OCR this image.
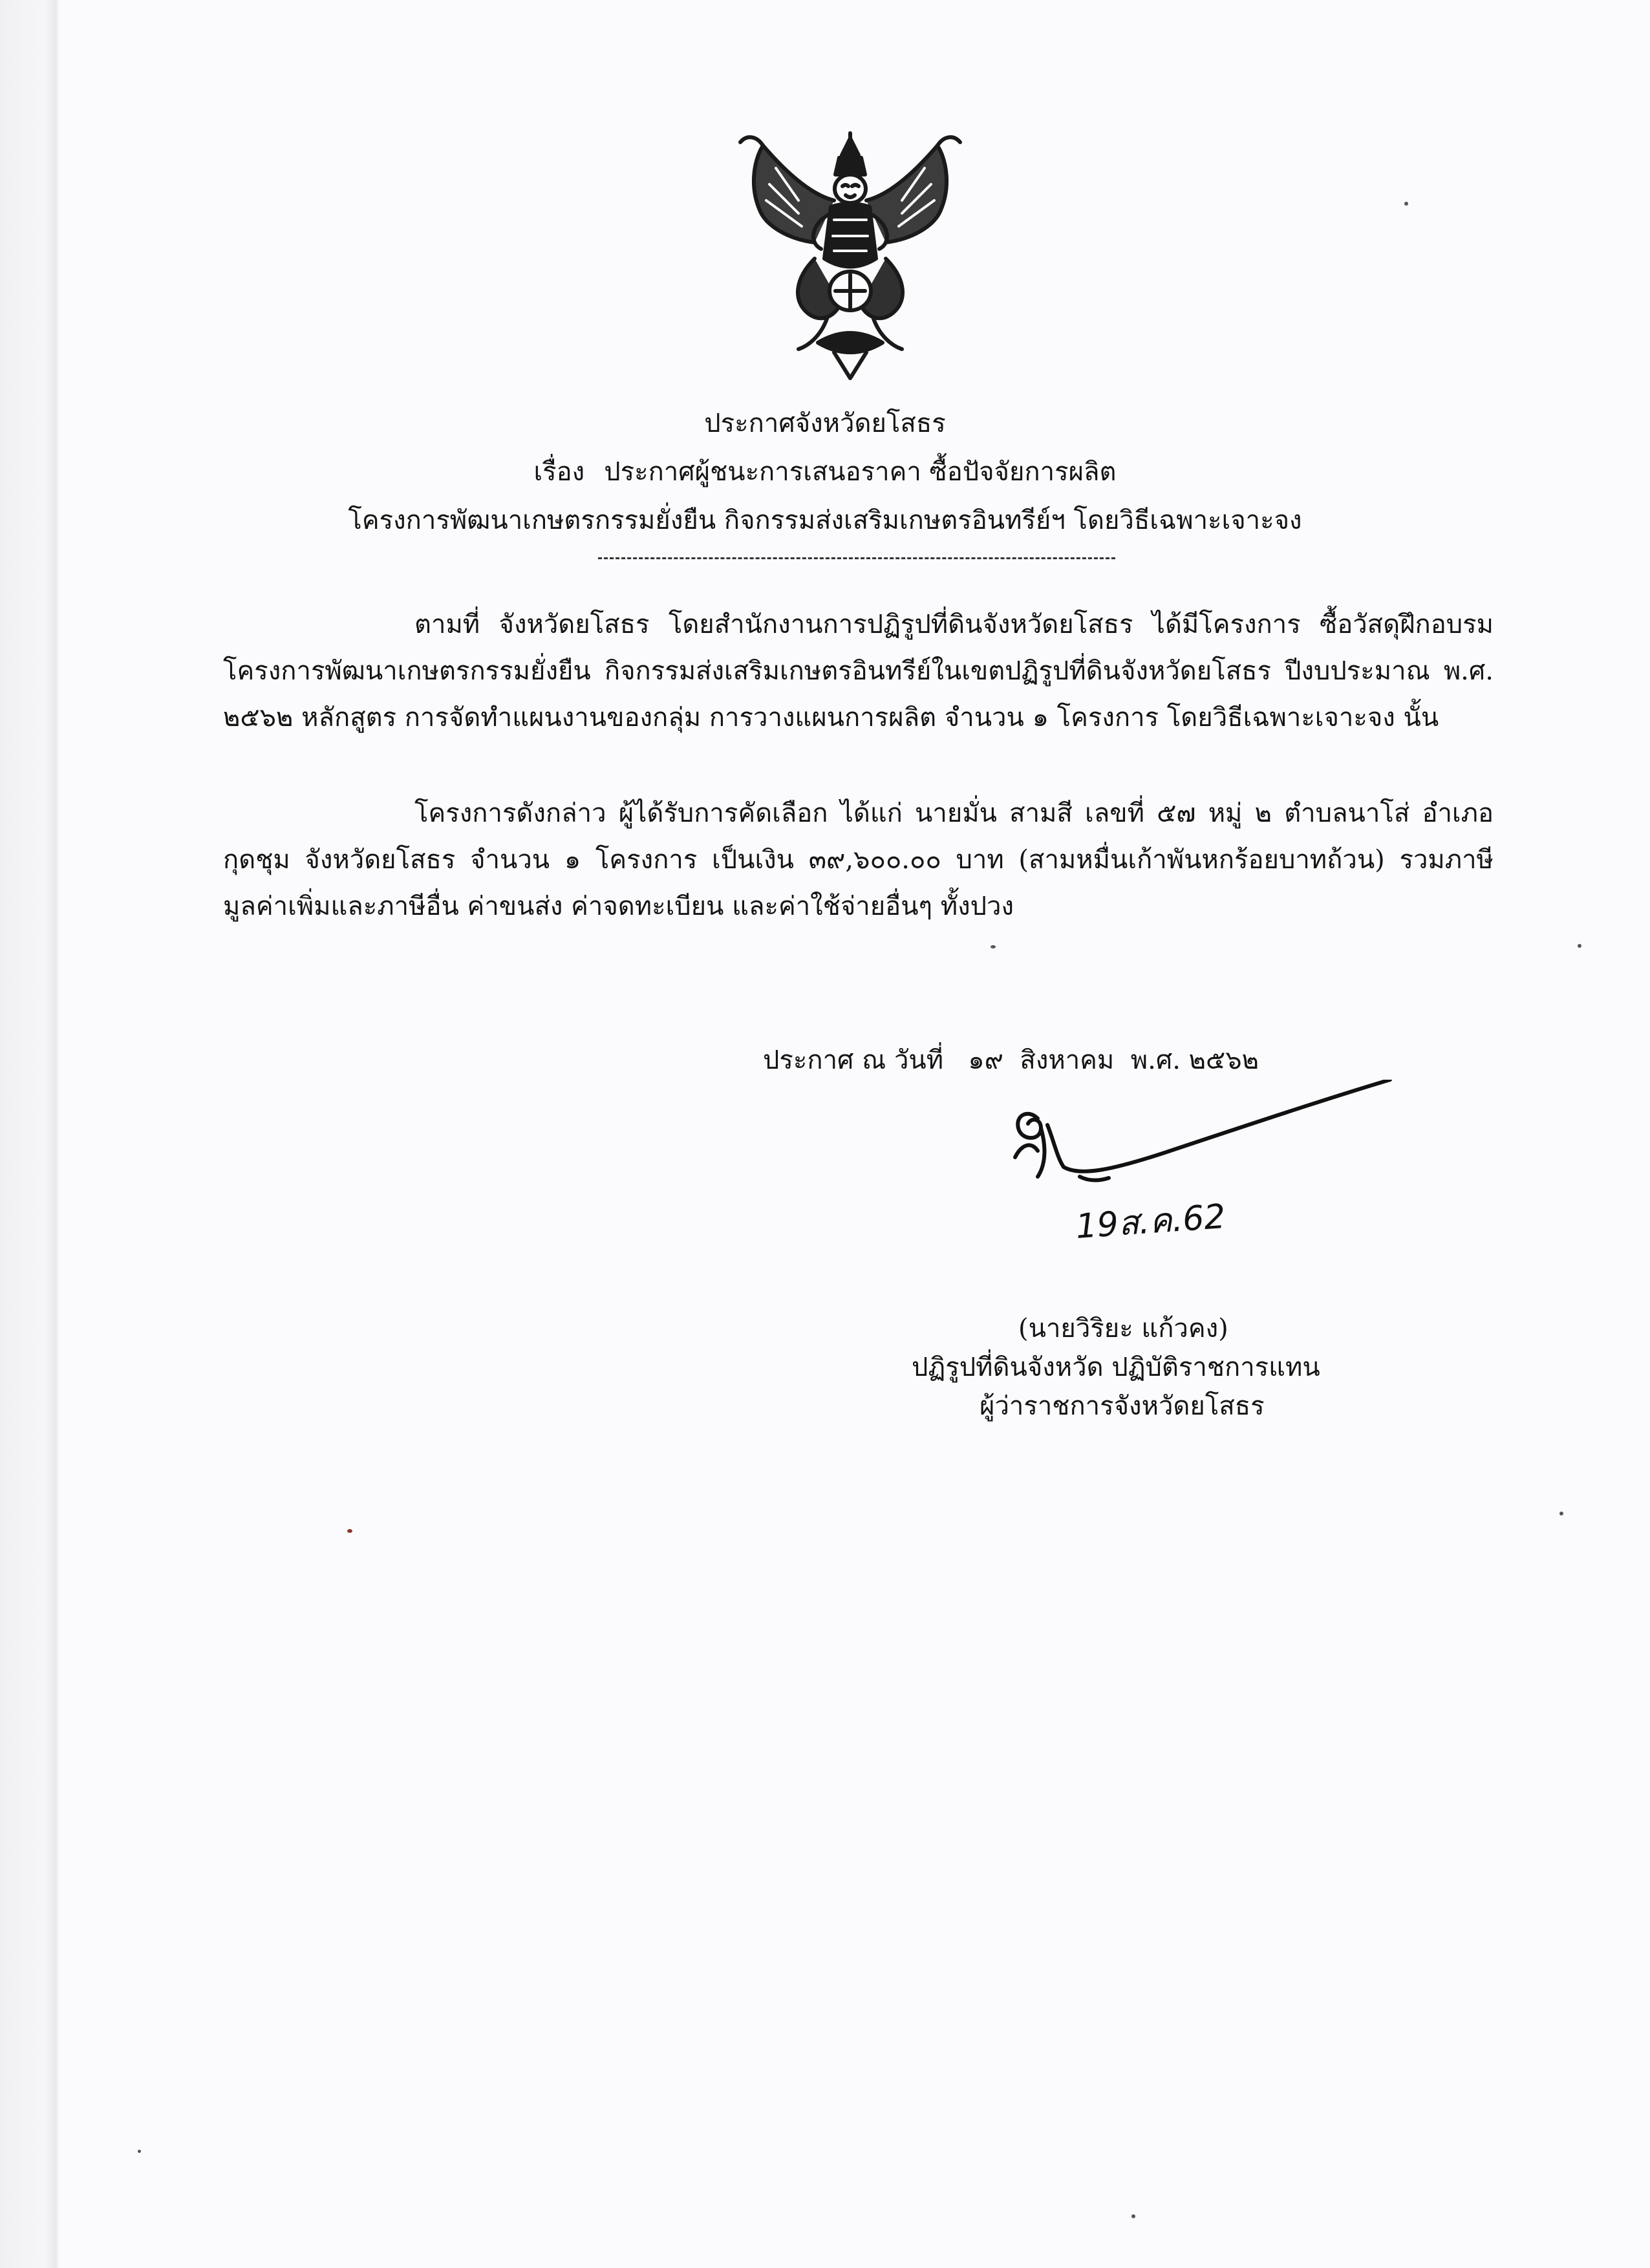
ประกาศจังหวัดยโสธร
เรื่อง ประกาศผู้ชนะการเสนอราคา ซื้อปัจจัยการผลิต
โครงการพัฒนาเกษตรกรรมยั่งยืน กิจกรรมส่งเสริมเกษตรอินทรีย์ฯ โดยวิธีเฉพาะเจาะจง

ตามที่ จังหวัดยโสธร โดยสำนักงานการปฏิรูปที่ดินจังหวัดยโสธร ได้มีโครงการ ซื้อวัสดุฝึกอบรม โครงการพัฒนาเกษตรกรรมยั่งยืน กิจกรรมส่งเสริมเกษตรอินทรีย์ในเขตปฏิรูปที่ดินจังหวัดยโสธร ปีงบประมาณ พ.ศ. ๒๕๖๒ หลักสูตร การจัดทำแผนงานของกลุ่ม การวางแผนการผลิต จำนวน ๑ โครงการ โดยวิธีเฉพาะเจาะจง นั้น

โครงการดังกล่าว ผู้ได้รับการคัดเลือก ได้แก่ นายมั่น สามสี เลขที่ ๕๗ หมู่ ๒ ตำบลนาโส่ อำเภอกุดชุม จังหวัดยโสธร จำนวน ๑ โครงการ เป็นเงิน ๓๙,๖๐๐.๐๐ บาท (สามหมื่นเก้าพันหกร้อยบาทถ้วน) รวมภาษีมูลค่าเพิ่มและภาษีอื่น ค่าขนส่ง ค่าจดทะเบียน และค่าใช้จ่ายอื่นๆ ทั้งปวง

ประกาศ ณ วันที่   ๑๙  สิงหาคม  พ.ศ. ๒๕๖๒
19ส.ค.62
(นายวิริยะ แก้วคง)
ปฏิรูปที่ดินจังหวัด ปฏิบัติราชการแทน
ผู้ว่าราชการจังหวัดยโสธร
